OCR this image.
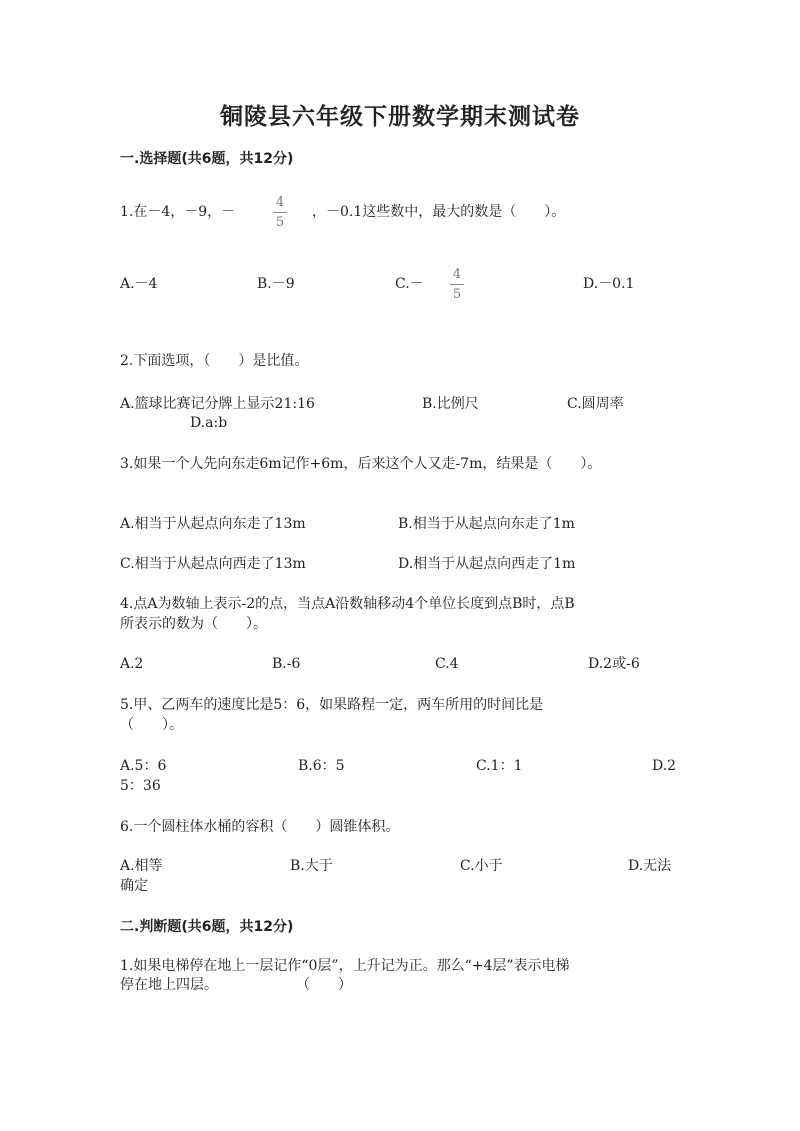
铜陵县六年级下册数学期末测试卷
一.选择题(共6题，共12分)
1.在－4，－9，－
4
5
，－0.1这些数中，最大的数是（　　）。
A.－4	B.－9	C.－
4
5
D.－0.1
2.下面选项，（　　）是比值。
A.篮球比赛记分牌上显示21:16	B.比例尺	C.圆周率
D.a:b
3.如果一个人先向东走6m记作+6m，后来这个人又走-7m，结果是（　　）。
A.相当于从起点向东走了13m	B.相当于从起点向东走了1m
C.相当于从起点向西走了13m	D.相当于从起点向西走了1m
4.点A为数轴上表示-2的点，当点A沿数轴移动4个单位长度到点B时，点B
所表示的数为（　　）。
A.2	B.-6	C.4	D.2或-6
5.甲、乙两车的速度比是5：6，如果路程一定，两车所用的时间比是
（　　）。
A.5：6	B.6：5	C.1：1	D.2
5：36
6.一个圆柱体水桶的容积（　　）圆锥体积。
A.相等	B.大于	C.小于	D.无法
确定
二.判断题(共6题，共12分)
1.如果电梯停在地上一层记作“0层”，上升记为正。那么“+4层”表示电梯
停在地上四层。	（　　）
